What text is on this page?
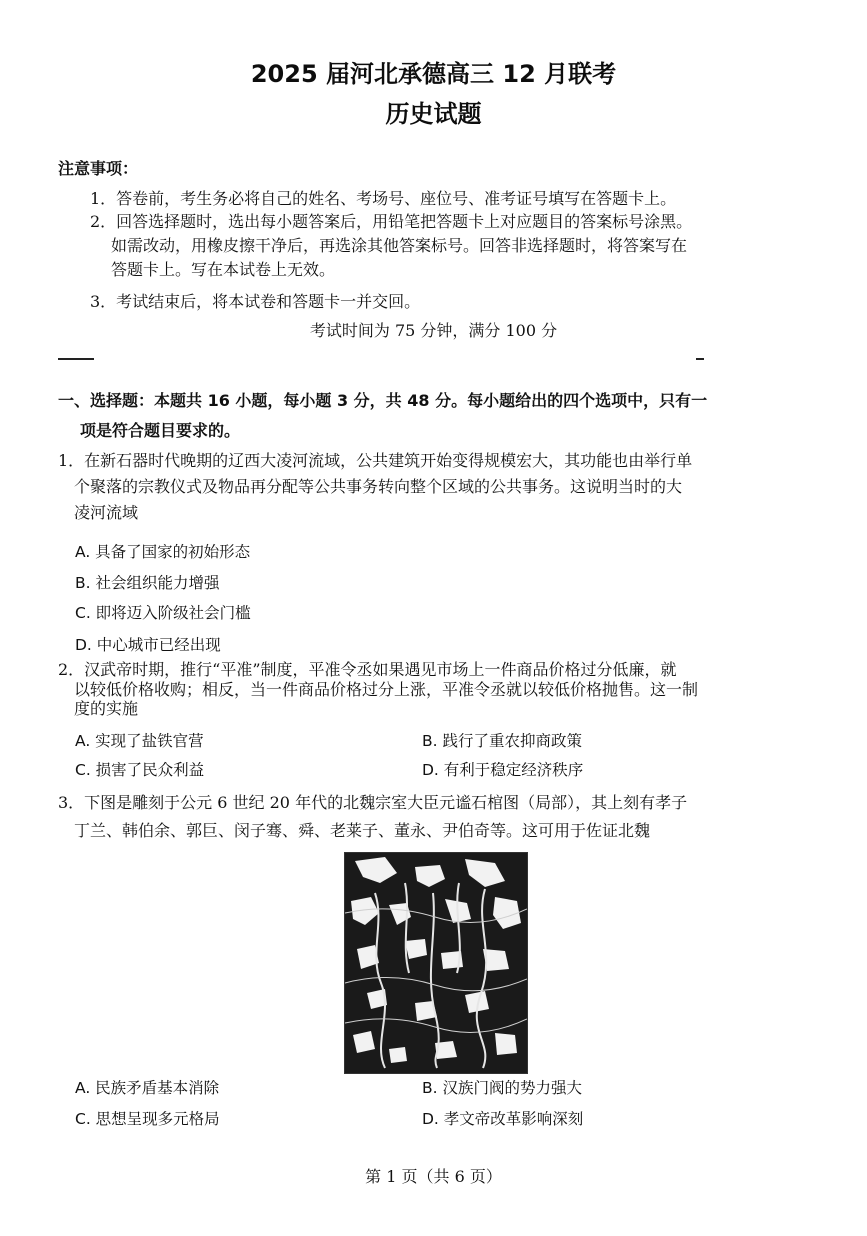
2025 届河北承德高三 12 月联考
历史试题
注意事项：
1．答卷前，考生务必将自己的姓名、考场号、座位号、准考证号填写在答题卡上。
2．回答选择题时，选出每小题答案后，用铅笔把答题卡上对应题目的答案标号涂黑。
如需改动，用橡皮擦干净后，再选涂其他答案标号。回答非选择题时，将答案写在
答题卡上。写在本试卷上无效。
3．考试结束后，将本试卷和答题卡一并交回。
考试时间为 75 分钟，满分 100 分
一、选择题：本题共 16 小题，每小题 3 分，共 48 分。每小题给出的四个选项中，只有一
项是符合题目要求的。
1．在新石器时代晚期的辽西大凌河流域，公共建筑开始变得规模宏大，其功能也由举行单
个聚落的宗教仪式及物品再分配等公共事务转向整个区域的公共事务。这说明当时的大
凌河流域
A. 具备了国家的初始形态
B. 社会组织能力增强
C. 即将迈入阶级社会门槛
D. 中心城市已经出现
2．汉武帝时期，推行“平准”制度，平准令丞如果遇见市场上一件商品价格过分低廉，就
以较低价格收购；相反，当一件商品价格过分上涨，平准令丞就以较低价格抛售。这一制
度的实施
A. 实现了盐铁官营	B. 践行了重农抑商政策
C. 损害了民众利益	D. 有利于稳定经济秩序
3．下图是雕刻于公元 6 世纪 20 年代的北魏宗室大臣元谧石棺图（局部），其上刻有孝子
丁兰、韩伯余、郭巨、闵子骞、舜、老莱子、董永、尹伯奇等。这可用于佐证北魏
A. 民族矛盾基本消除	B. 汉族门阀的势力强大
C. 思想呈现多元格局	D. 孝文帝改革影响深刻
第 1 页（共 6 页）
